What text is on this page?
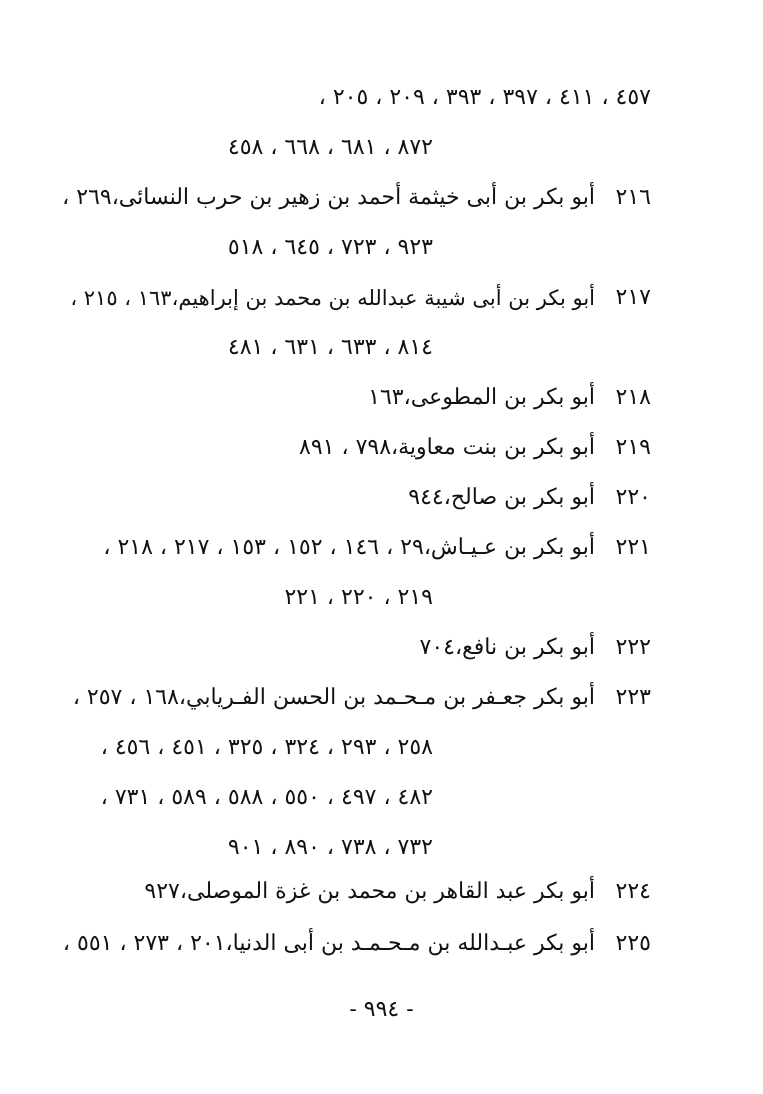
٤٥٧ ، ٤١١ ، ٣٩٧ ، ٣٩٣ ، ٢٠٩ ، ٢٠٥ ،
٨٧٢ ، ٦٨١ ، ٦٦٨ ، ٤٥٨
٢١٦
أبو بكر بن أبى خيثمة أحمد بن زهير بن حرب النسائى،٢٦٩ ،
٩٢٣ ، ٧٢٣ ، ٦٤٥ ، ٥١٨
٢١٧
أبو بكر بن أبى شيبة عبدالله بن محمد بن إبراهيم،١٦٣ ، ٢١٥ ،
٨١٤ ، ٦٣٣ ، ٦٣١ ، ٤٨١
٢١٨
أبو بكر بن المطوعى،١٦٣
٢١٩
أبو بكر بن بنت معاوية،٧٩٨ ، ٨٩١
٢٢٠
أبو بكر بن صالح،٩٤٤
٢٢١
أبو بكر بن عـيـاش،٢٩ ، ١٤٦ ، ١٥٢ ، ١٥٣ ، ٢١٧ ، ٢١٨ ،
٢١٩ ، ٢٢٠ ، ٢٢١
٢٢٢
أبو بكر بن نافع،٧٠٤
٢٢٣
أبو بكر جعـفر بن مـحـمد بن الحسن الفـريابي،١٦٨ ، ٢٥٧ ،
٢٥٨ ، ٢٩٣ ، ٣٢٤ ، ٣٢٥ ، ٤٥١ ، ٤٥٦ ،
٤٨٢ ، ٤٩٧ ، ٥٥٠ ، ٥٨٨ ، ٥٨٩ ، ٧٣١ ،
٧٣٢ ، ٧٣٨ ، ٨٩٠ ، ٩٠١
٢٢٤
أبو بكر عبد القاهر بن محمد بن غزة الموصلى،٩٢٧
٢٢٥
أبو بكر عبـدالله بن مـحـمـد بن أبى الدنيا،٢٠١ ، ٢٧٣ ، ٥٥١ ،
- ٩٩٤ -
